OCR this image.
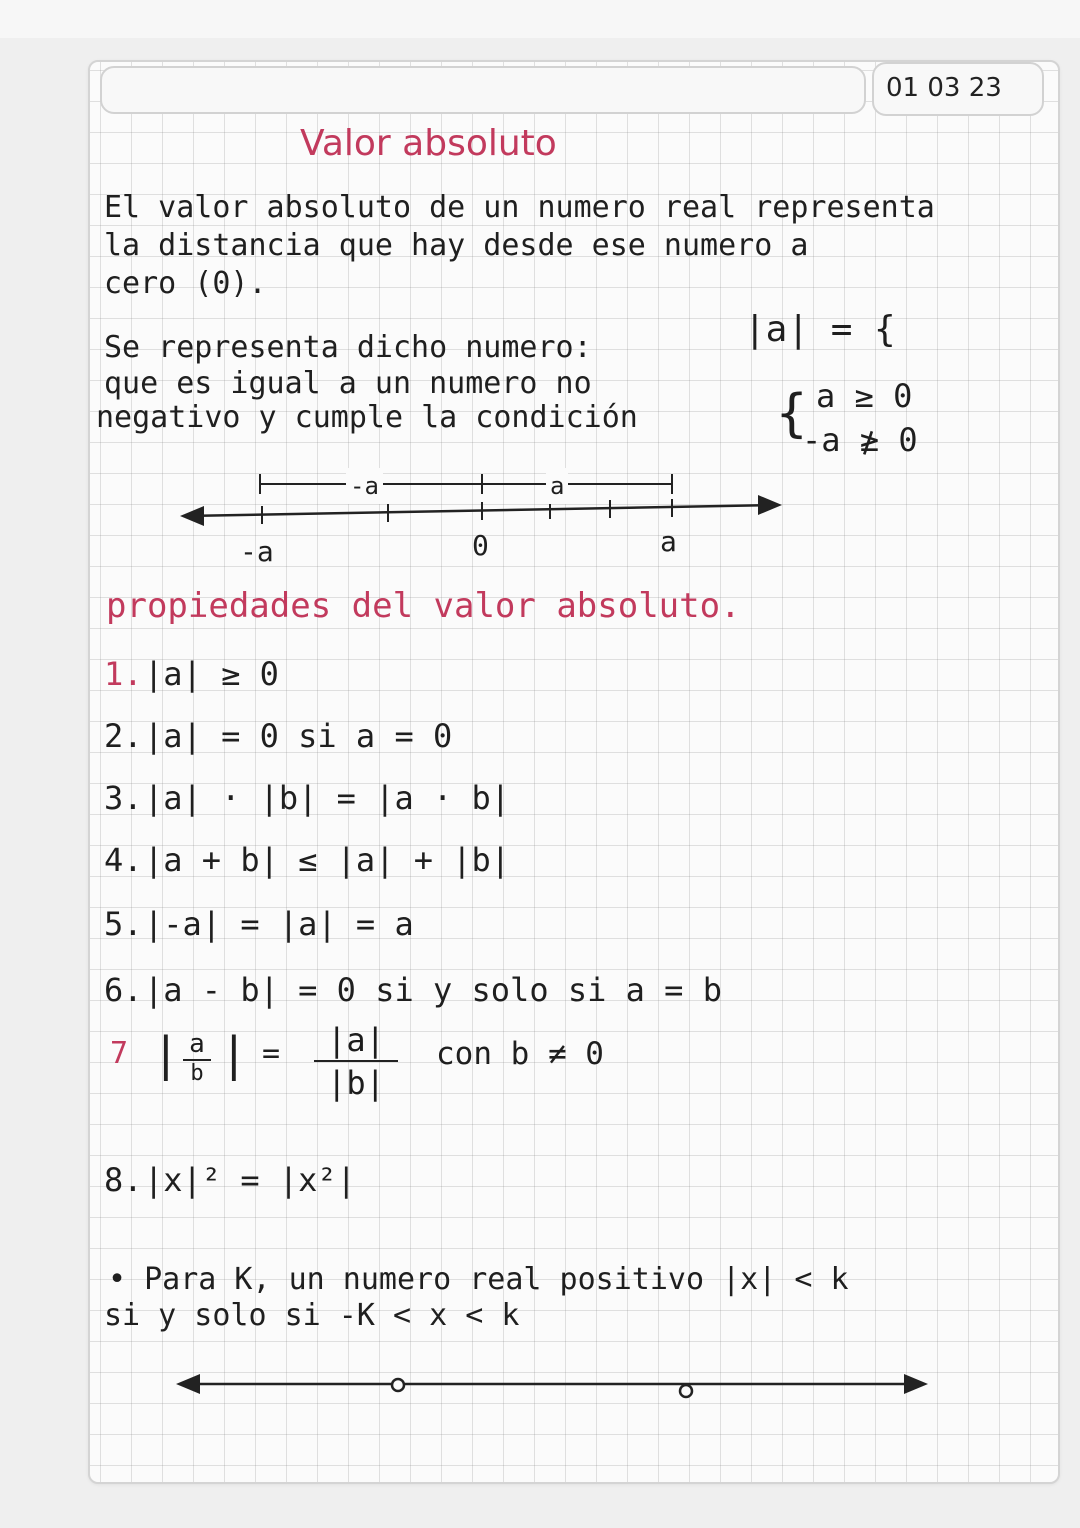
01 03 23
Valor absoluto
El valor absoluto de un numero real representa
la distancia que hay desde ese numero a
cero (0).
Se representa dicho numero:	|a| = {
que es igual a un numero no
negativo y cumple la condición	{ a ≥ 0
-a ≱ 0
-a	0	a
-a	a
propiedades del valor absoluto.
1.|a| ≥ 0
2.|a| = 0 si a = 0
3.|a| · |b| = |a · b|
4.|a + b| ≤ |a| + |b|
5.|-a| = |a| = a
6.|a - b| = 0 si y solo si a = b
7 | a
b | =	|a|
|b|
con b ≠ 0
8.|x|² = |x²|
• Para K, un numero real positivo |x| < k
si y solo si -K < x < k
